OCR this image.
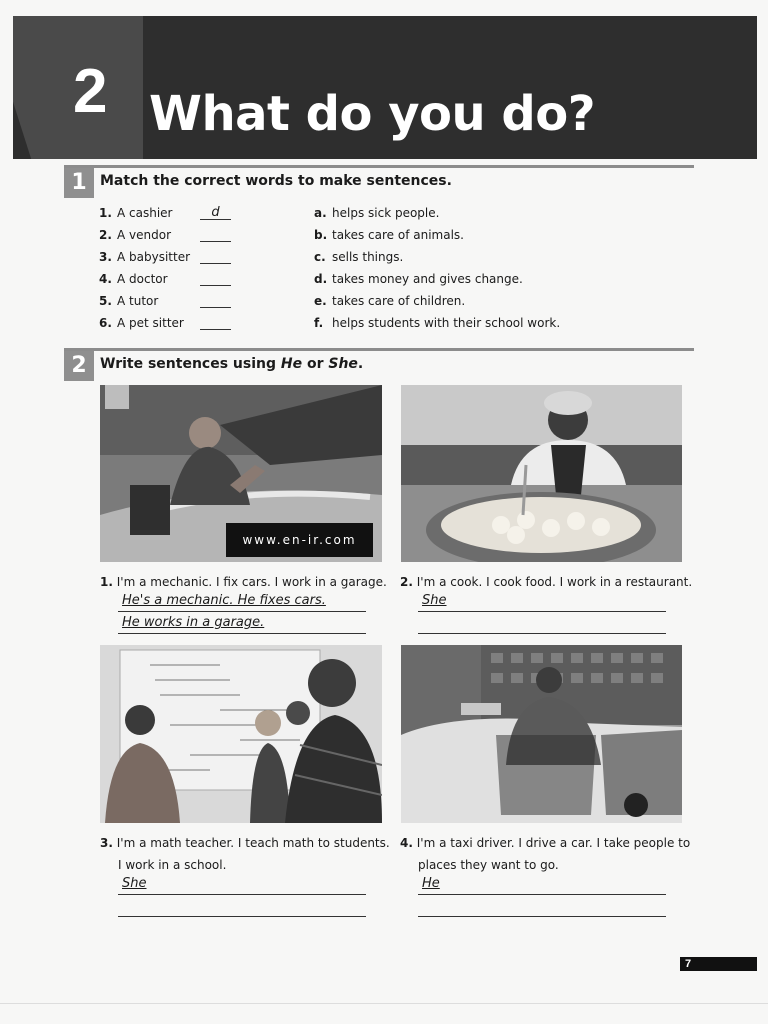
2 What do you do?
1 Match the correct words to make sentences.
1. A cashier	d
2. A vendor
3. A babysitter
4. A doctor
5. A tutor
6. A pet sitter
a. helps sick people.
b. takes care of animals.
c. sells things.
d. takes money and gives change.
e. takes care of children.
f. helps students with their school work.
2 Write sentences using He or She.
www.en-ir.com
1. I'm a mechanic. I fix cars. I work in a garage.
He's a mechanic. He fixes cars.
He works in a garage.
2. I'm a cook. I cook food. I work in a restaurant.
She
3. I'm a math teacher. I teach math to students.
I work in a school.
She
4. I'm a taxi driver. I drive a car. I take people to
places they want to go.
He
7
